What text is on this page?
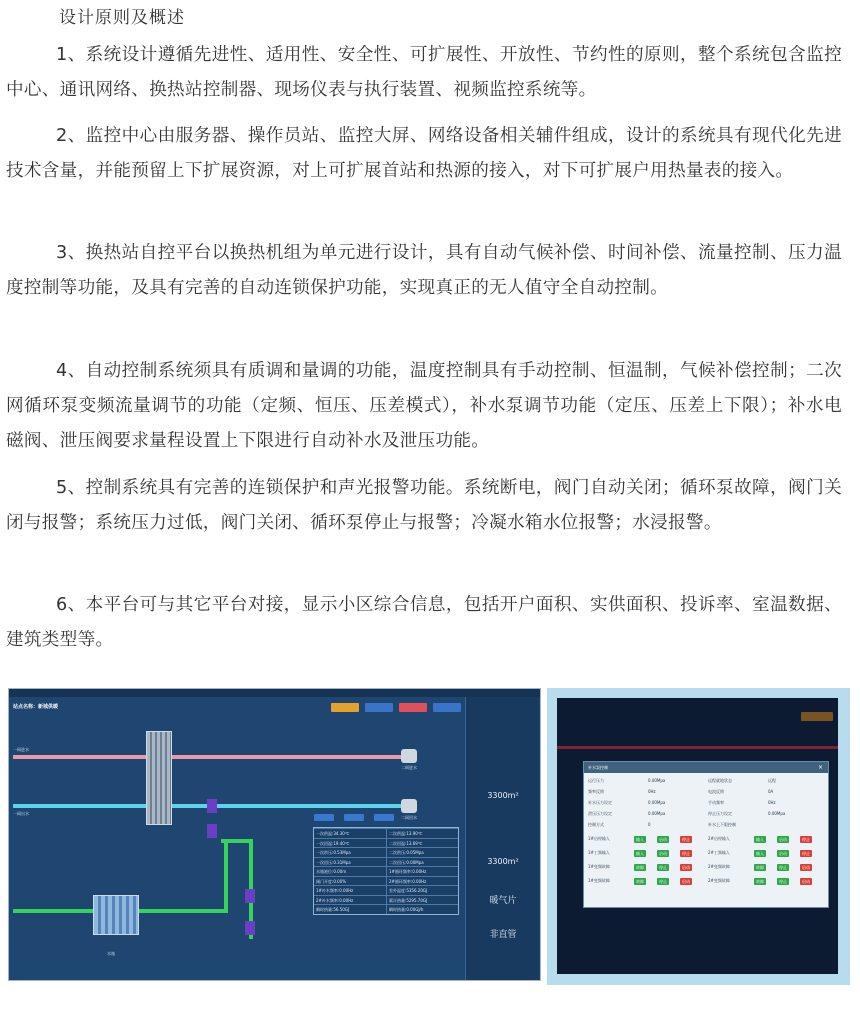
设计原则及概述
1、系统设计遵循先进性、适用性、安全性、可扩展性、开放性、节约性的原则，整个系统包含监控中心、通讯网络、换热站控制器、现场仪表与执行装置、视频监控系统等。
2、监控中心由服务器、操作员站、监控大屏、网络设备相关辅件组成，设计的系统具有现代化先进技术含量，并能预留上下扩展资源，对上可扩展首站和热源的接入，对下可扩展户用热量表的接入。
3、换热站自控平台以换热机组为单元进行设计，具有自动气候补偿、时间补偿、流量控制、压力温度控制等功能，及具有完善的自动连锁保护功能，实现真正的无人值守全自动控制。
4、自动控制系统须具有质调和量调的功能，温度控制具有手动控制、恒温制，气候补偿控制；二次网循环泵变频流量调节的功能（定频、恒压、压差模式），补水泵调节功能（定压、压差上下限）；补水电磁阀、泄压阀要求量程设置上下限进行自动补水及泄压功能。
5、控制系统具有完善的连锁保护和声光报警功能。系统断电，阀门自动关闭；循环泵故障，阀门关闭与报警；系统压力过低，阀门关闭、循环泵停止与报警；冷凝水箱水位报警；水浸报警。
6、本平台可与其它平台对接，显示小区综合信息，包括开户面积、实供面积、投诉率、室温数据、建筑类型等。
站点名称：新城供暖
一网进水
一网出水
二网进水
二网回水
水箱
一次供温:34.30℃	二次供温:13.90℃
一次回温:19.40℃	二次回温:13.69℃
一次供压:0.53Mpa	二次供压:0.05Mpa
一次回压:0.31Mpa	二次回压:0.00Mpa
水箱液位:0.00m	1#循环频率:0.00Hz
阀门开度:0.00%	2#循环频率:0.00Hz
1#补水频率:0.00Hz	室外温度:5356.20GJ
2#补水频率:0.00Hz	累计热量:5295.70GJ
瞬时热量:56.50GJ	瞬时热量:0.00GJ/h
3300m²
3300m²
暖气片
非直管
补水泵控制	×
运行压力	0.00Mpa	远程就地状态	远程
频率反馈	0Hz	电流反馈	0A
补水压力设定	0.00Mpa	手动频率	0Hz
泄压压力设定	0.00Mpa	停止压力设定	0.00Mpa
控制方式	0	补水上下限控制
1#启停输入	输入	启动	停止	2#启停输入	输入	启动	停止
1#工频输入	输入	启动	停止	2#工频输入	输入	启动	停止
1#变频故障	故障	停止	启动	2#变频故障	故障	停止	启动
1#变频故障	故障	停止	启动	2#变频故障	故障	停止	启动
